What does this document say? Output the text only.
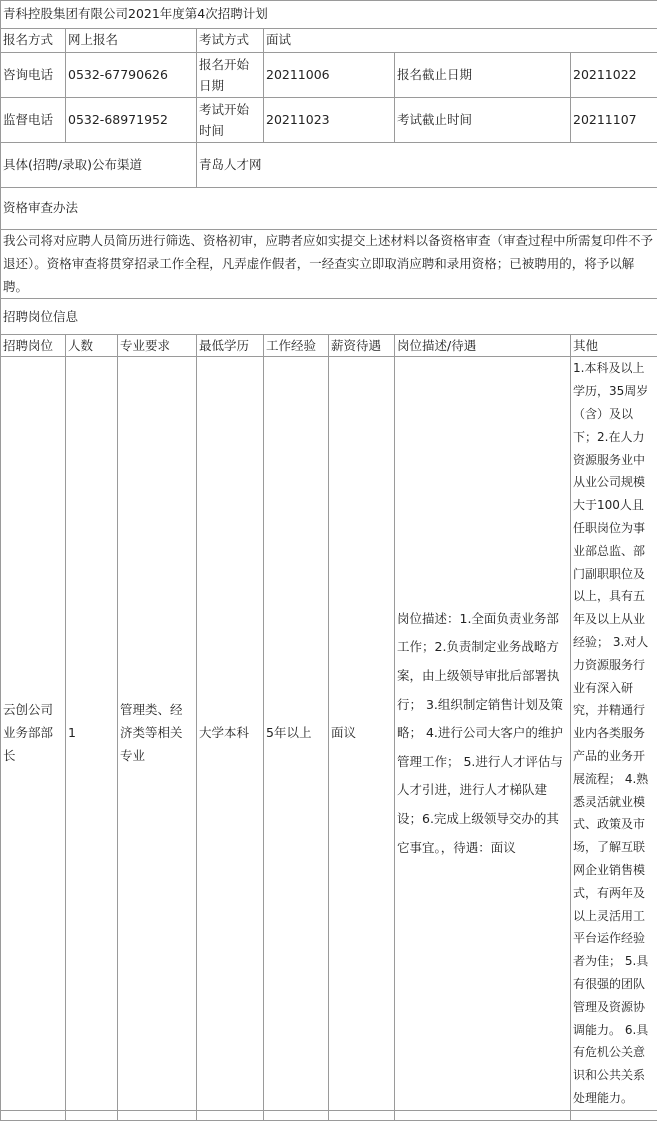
青科控股集团有限公司2021年度第4次招聘计划							
报名方式	网上报名		考试方式	面试			
咨询电话	0532-67790626		报名开始日期	20211006		报名截止日期	20211022
监督电话	0532-68971952		考试开始时间	20211023		考试截止时间	20211107
具体(招聘/录取)公布渠道			青岛人才网				
资格审查办法							
我公司将对应聘人员简历进行筛选、资格初审，应聘者应如实提交上述材料以备资格审查（审查过程中所需复印件不予退还）。资格审查将贯穿招录工作全程，凡弄虚作假者，一经查实立即取消应聘和录用资格；已被聘用的，将予以解聘。							
招聘岗位信息							
招聘岗位	人数	专业要求	最低学历	工作经验	薪资待遇	岗位描述/待遇	其他
云创公司 业务部部长	1	管理类、经济类等相关专业	大学本科	5年以上	面议	岗位描述：1.全面负责业务部工作；2.负责制定业务战略方案，由上级领导审批后部署执行； 3.组织制定销售计划及策略； 4.进行公司大客户的维护管理工作； 5.进行人才评估与人才引进，进行人才梯队建设；6.完成上级领导交办的其它事宜。，待遇：面议	1.本科及以上学历，35周岁（含）及以下；2.在人力资源服务业中从业公司规模大于100人且任职岗位为事业部总监、部门副职职位及以上，具有五年及以上从业经验； 3.对人力资源服务行业有深入研究，并精通行业内各类服务产品的业务开展流程； 4.熟悉灵活就业模式、政策及市场，了解互联网企业销售模式，有两年及以上灵活用工平台运作经验者为佳； 5.具有很强的团队管理及资源协调能力。 6.具有危机公关意识和公共关系处理能力。
